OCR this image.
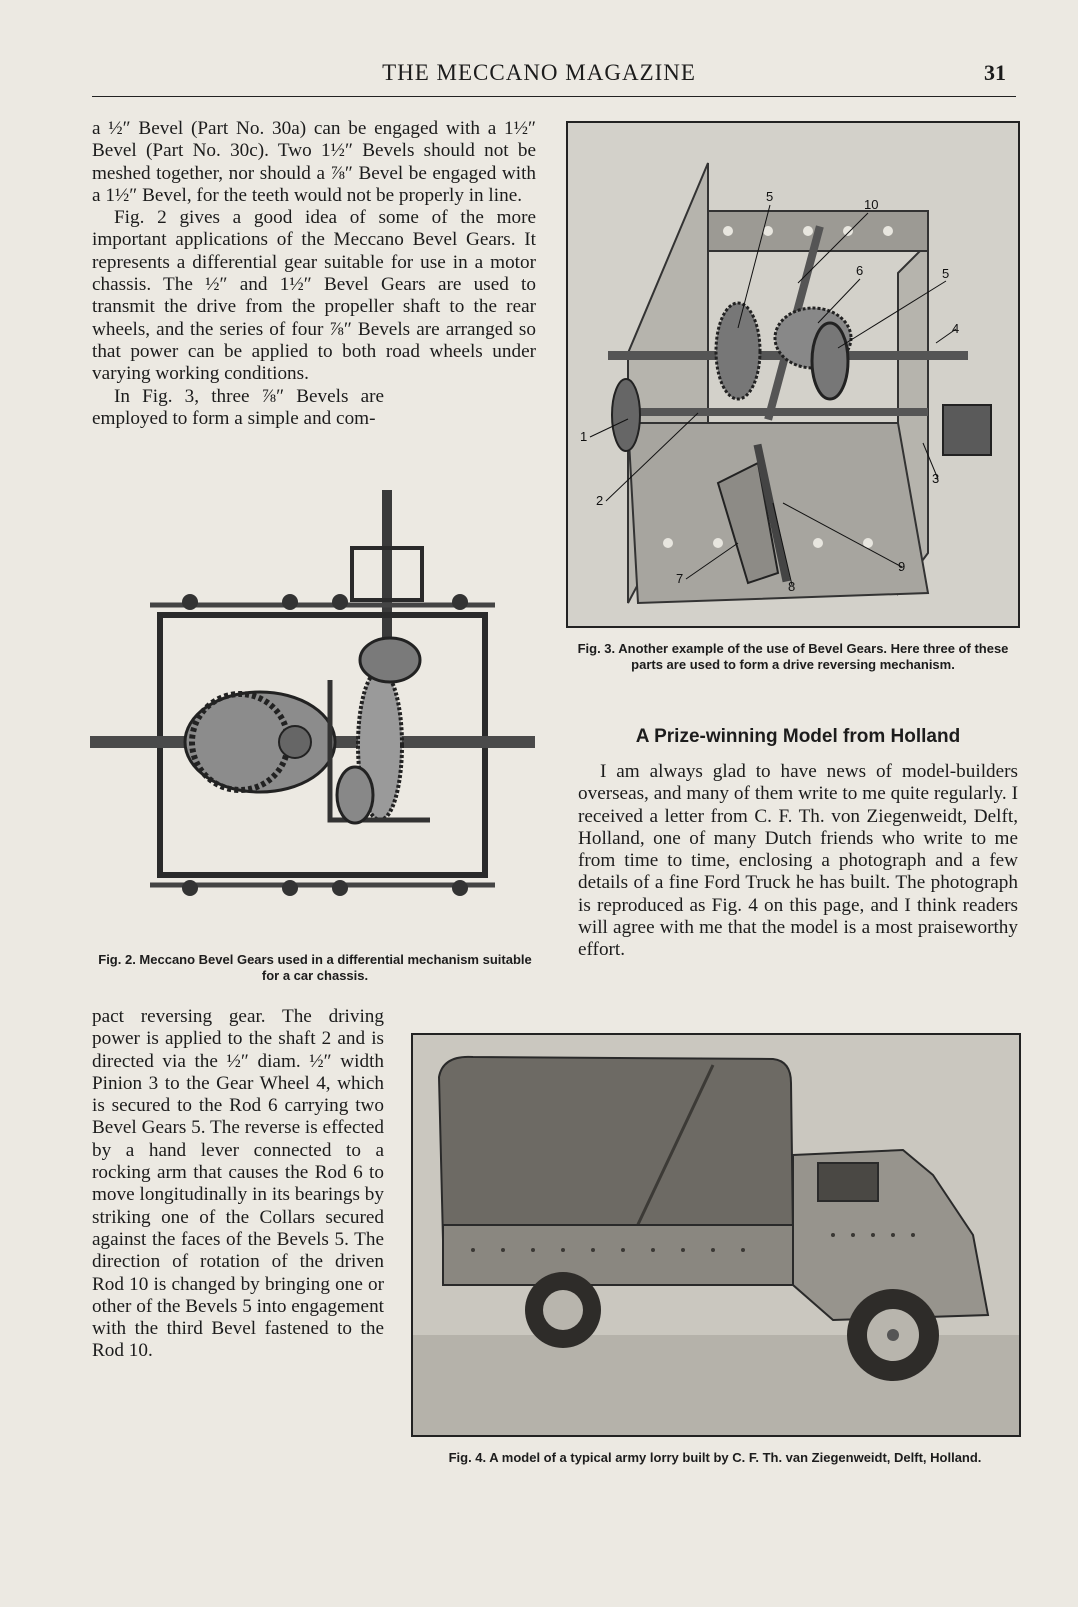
THE MECCANO MAGAZINE	31

a ½″ Bevel (Part No. 30a) can be engaged with a 1½″ Bevel (Part No. 30c). Two 1½″ Bevels should not be meshed together, nor should a ⅞″ Bevel be engaged with a 1½″ Bevel, for the teeth would not be properly in line.

Fig. 2 gives a good idea of some of the more important applications of the Meccano Bevel Gears. It represents a differential gear suitable for use in a motor chassis. The ½″ and 1½″ Bevel Gears are used to transmit the drive from the propeller shaft to the rear wheels, and the series of four ⅞″ Bevels are arranged so that power can be applied to both road wheels under varying working conditions.

In Fig. 3, three ⅞″ Bevels are employed to form a simple and com-

Fig. 2. Meccano Bevel Gears used in a differential mechanism suitable for a car chassis.

pact reversing gear. The driving power is applied to the shaft 2 and is directed via the ½″ diam. ½″ width Pinion 3 to the Gear Wheel 4, which is secured to the Rod 6 carrying two Bevel Gears 5. The reverse is effected by a hand lever connected to a rocking arm that causes the Rod 6 to move longitudinally in its bearings by striking one of the Collars secured against the faces of the Bevels 5. The direction of rotation of the driven Rod 10 is changed by bringing one or other of the Bevels 5 into engagement with the third Bevel fastened to the Rod 10.

1
2
3
4
5
5
6
7
8
9
10
Fig. 3. Another example of the use of Bevel Gears. Here three of these parts are used to form a drive reversing mechanism.
A Prize-winning Model from Holland

I am always glad to have news of model-builders overseas, and many of them write to me quite regularly. I received a letter from C. F. Th. von Ziegenweidt, Delft, Holland, one of many Dutch friends who write to me from time to time, enclosing a photograph and a few details of a fine Ford Truck he has built. The photograph is reproduced as Fig. 4 on this page, and I think readers will agree with me that the model is a most praiseworthy effort.

Fig. 4. A model of a typical army lorry built by C. F. Th. van Ziegenweidt, Delft, Holland.
